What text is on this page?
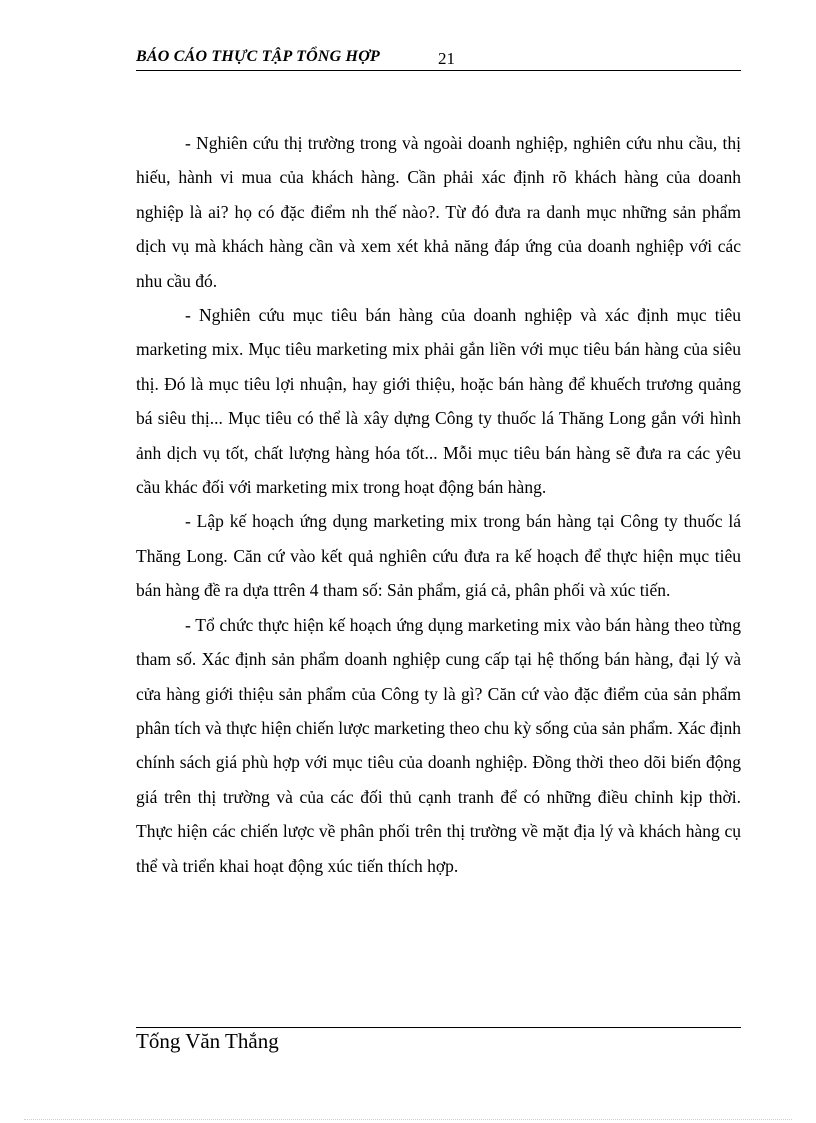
BÁO CÁO THỰC TẬP TỔNG HỢP	21

- Nghiên cứu thị trường trong và ngoài doanh nghiệp, nghiên cứu nhu cầu, thị hiếu, hành vi mua của khách hàng. Cần phải xác định rõ khách hàng của doanh nghiệp là ai? họ có đặc điểm nh thế nào?. Từ đó đưa ra danh mục những sản phẩm dịch vụ mà khách hàng cần và xem xét khả năng đáp ứng của doanh nghiệp với các nhu cầu đó.

- Nghiên cứu mục tiêu bán hàng của doanh nghiệp và xác định mục tiêu marketing mix. Mục tiêu marketing mix phải gắn liền với mục tiêu bán hàng của siêu thị. Đó là mục tiêu lợi nhuận, hay giới thiệu, hoặc bán hàng để khuếch trương quảng bá siêu thị... Mục tiêu có thể là xây dựng Công ty thuốc lá Thăng Long gắn với hình ảnh dịch vụ tốt, chất lượng hàng hóa tốt... Mỗi mục tiêu bán hàng sẽ đưa ra các yêu cầu khác đối với marketing mix trong hoạt động bán hàng.

- Lập kế hoạch ứng dụng marketing mix trong bán hàng tại Công ty thuốc lá Thăng Long. Căn cứ vào kết quả nghiên cứu đưa ra kế hoạch để thực hiện mục tiêu bán hàng đề ra dựa ttrên 4 tham số: Sản phẩm, giá cả, phân phối và xúc tiến.

- Tổ chức thực hiện kế hoạch ứng dụng marketing mix vào bán hàng theo từng tham số. Xác định sản phẩm doanh nghiệp cung cấp tại hệ thống bán hàng, đại lý và cửa hàng giới thiệu sản phẩm của Công ty là gì? Căn cứ vào đặc điểm của sản phẩm phân tích và thực hiện chiến lược marketing theo chu kỳ sống của sản phẩm. Xác định chính sách giá phù hợp với mục tiêu của doanh nghiệp. Đồng thời theo dõi biến động giá trên thị trường và của các đối thủ cạnh tranh để có những điều chỉnh kịp thời. Thực hiện các chiến lược về phân phối trên thị trường về mặt địa lý và khách hàng cụ thể và triển khai hoạt động xúc tiến thích hợp.

Tống Văn Thắng
